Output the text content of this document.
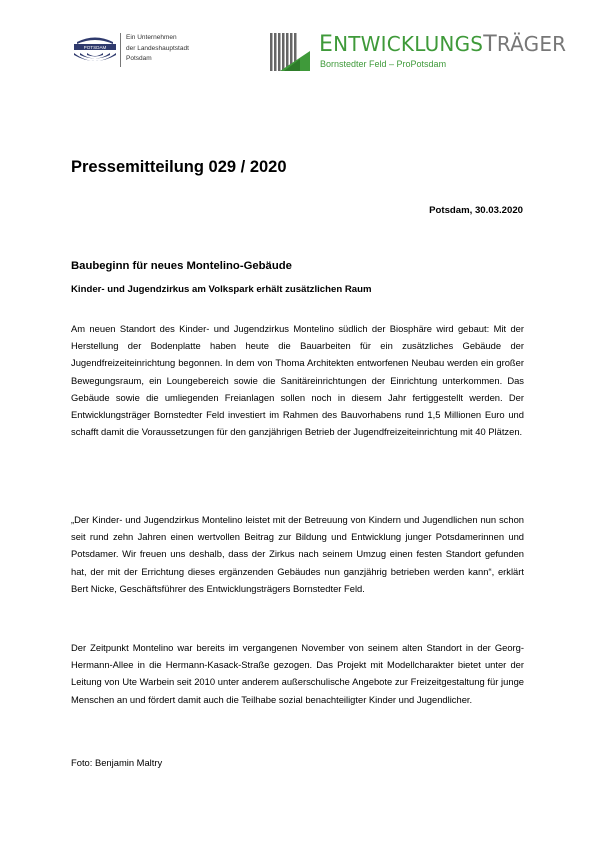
POTSDAM
Ein Unternehmen
der Landeshauptstadt
Potsdam
ENTWICKLUNGSTRÄGER
Bornstedter Feld – ProPotsdam
Pressemitteilung 029 / 2020
Potsdam, 30.03.2020
Baubeginn für neues Montelino-Gebäude
Kinder- und Jugendzirkus am Volkspark erhält zusätzlichen Raum

Am neuen Standort des Kinder- und Jugendzirkus Montelino südlich der Biosphäre wird gebaut: Mit der Herstellung der Bodenplatte haben heute die Bauarbeiten für ein zusätzliches Gebäude der Jugendfreizeiteinrichtung begonnen. In dem von Thoma Architekten entworfenen Neubau werden ein großer Bewegungsraum, ein Loungebereich sowie die Sanitäreinrichtungen der Einrichtung unterkommen. Das Gebäude sowie die umliegenden Freianlagen sollen noch in diesem Jahr fertiggestellt werden. Der Entwicklungsträger Bornstedter Feld investiert im Rahmen des Bauvorhabens rund 1,5 Millionen Euro und schafft damit die Voraussetzungen für den ganzjährigen Betrieb der Jugendfreizeiteinrichtung mit 40 Plätzen.

„Der Kinder- und Jugendzirkus Montelino leistet mit der Betreuung von Kindern und Jugendlichen nun schon seit rund zehn Jahren einen wertvollen Beitrag zur Bildung und Entwicklung junger Potsdamerinnen und Potsdamer. Wir freuen uns deshalb, dass der Zirkus nach seinem Umzug einen festen Standort gefunden hat, der mit der Errichtung dieses ergänzenden Gebäudes nun ganzjährig betrieben werden kann“, erklärt Bert Nicke, Geschäftsführer des Entwicklungsträgers Bornstedter Feld.

Der Zeitpunkt Montelino war bereits im vergangenen November von seinem alten Standort in der Georg-Hermann-Allee in die Hermann-Kasack-Straße gezogen. Das Projekt mit Modellcharakter bietet unter der Leitung von Ute Warbein seit 2010 unter anderem außerschulische Angebote zur Freizeitgestaltung für junge Menschen an und fördert damit auch die Teilhabe sozial benachteiligter Kinder und Jugendlicher.

Foto: Benjamin Maltry
